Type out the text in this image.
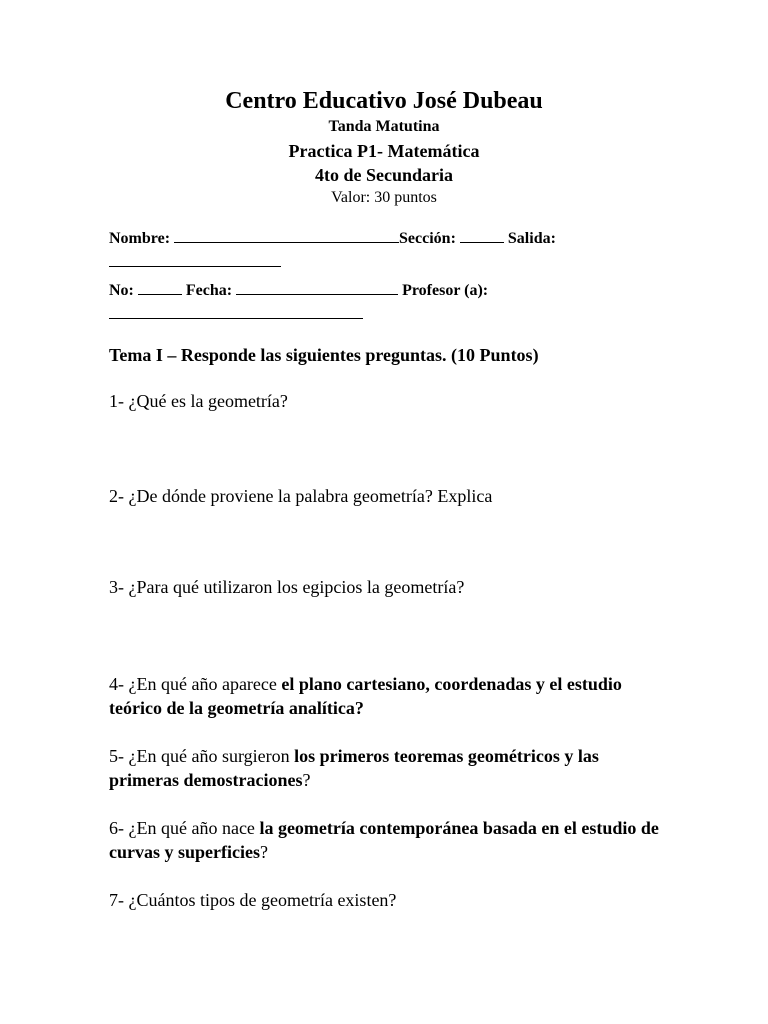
Centro Educativo José Dubeau
Tanda Matutina
Practica P1- Matemática
4to de Secundaria
Valor: 30 puntos
Nombre:	Sección:	Salida:
No:	Fecha:	Profesor (a):
Tema I – Responde las siguientes preguntas. (10 Puntos)
1- ¿Qué es la geometría?
2- ¿De dónde proviene la palabra geometría? Explica
3- ¿Para qué utilizaron los egipcios la geometría?
4- ¿En qué año aparece el plano cartesiano, coordenadas y el estudio teórico de la geometría analítica?
5- ¿En qué año surgieron los primeros teoremas geométricos y las primeras demostraciones?
6- ¿En qué año nace la geometría contemporánea basada en el estudio de curvas y superficies?
7- ¿Cuántos tipos de geometría existen?
